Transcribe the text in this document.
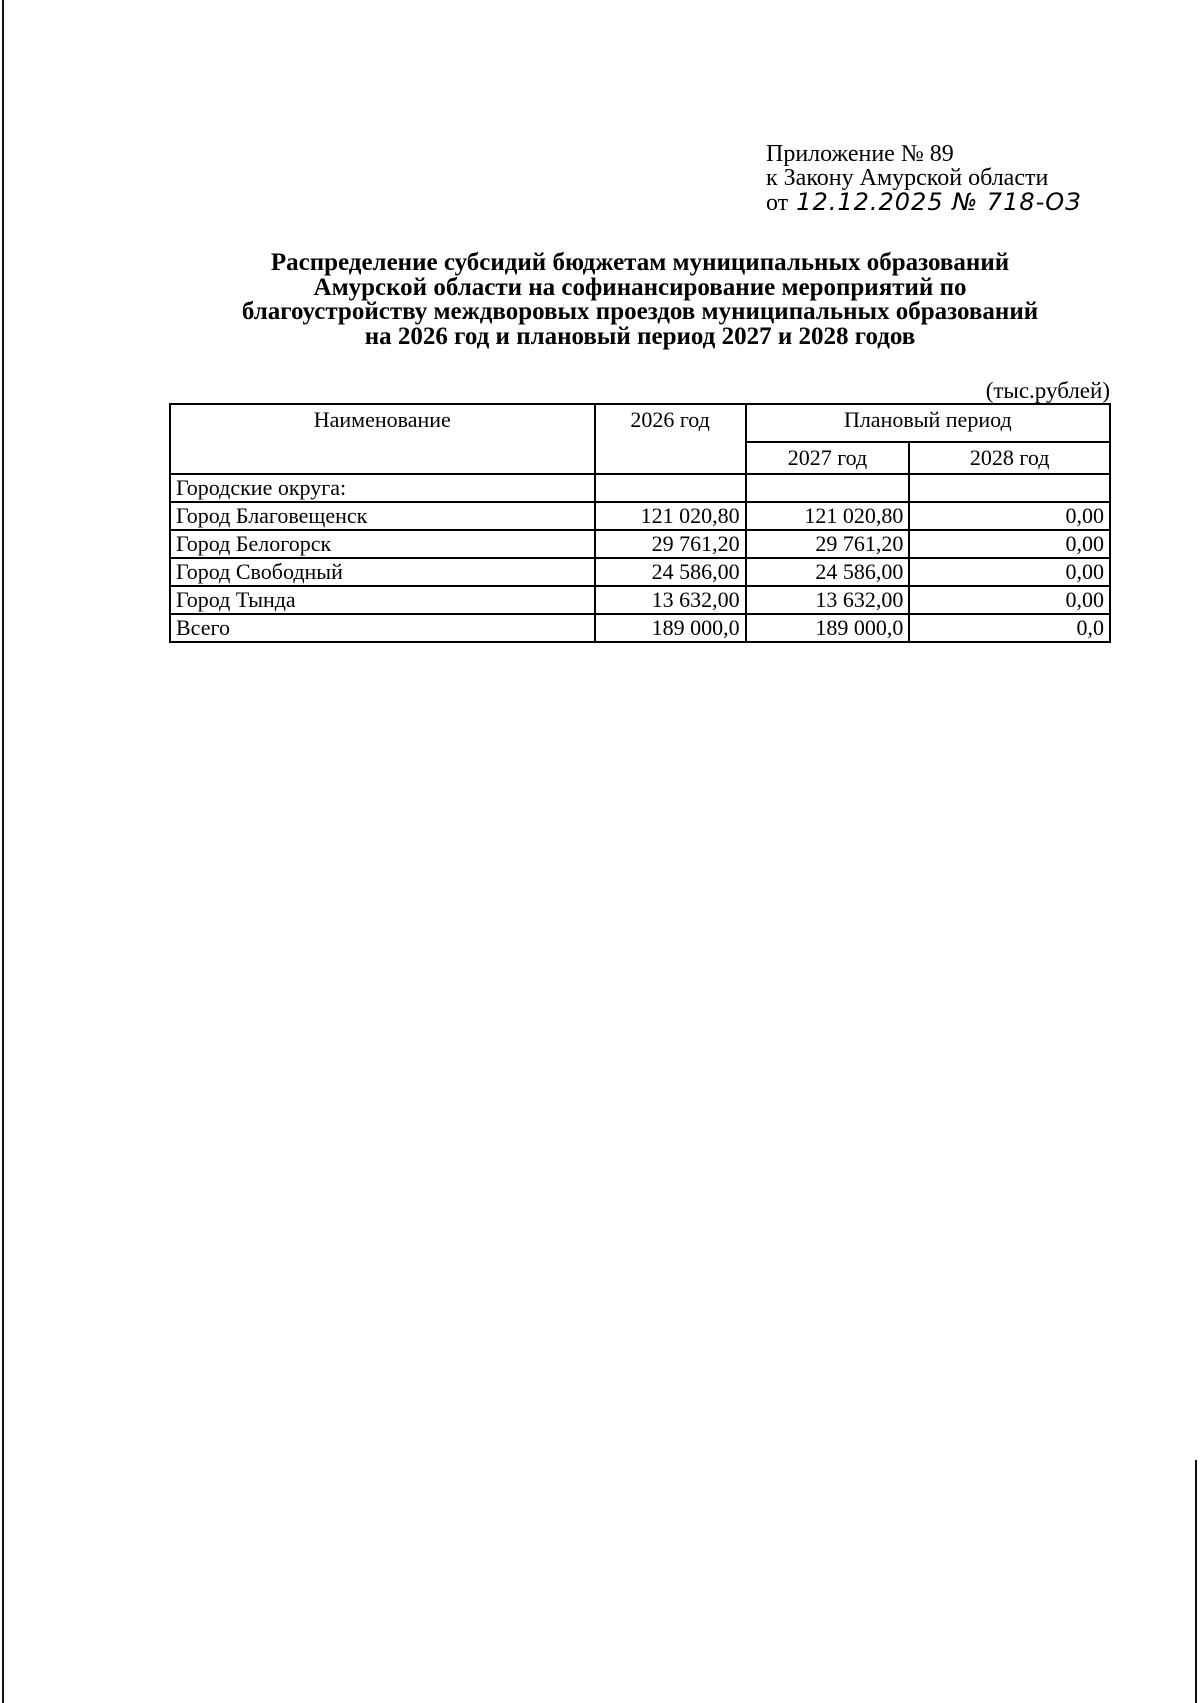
Приложение № 89
к Закону Амурской области
от 12.12.2025 № 718-ОЗ
Распределение субсидий бюджетам муниципальных образований
Амурской области на софинансирование мероприятий по
благоустройству междворовых проездов муниципальных образований
на 2026 год и плановый период 2027 и 2028 годов
(тыс.рублей)
Наименование	2026 год	Плановый период	
		2027 год	2028 год
Городские округа:			
Город Благовещенск	121 020,80	121 020,80	0,00
Город Белогорск	29 761,20	29 761,20	0,00
Город Свободный	24 586,00	24 586,00	0,00
Город Тында	13 632,00	13 632,00	0,00
Всего	189 000,0	189 000,0	0,0
